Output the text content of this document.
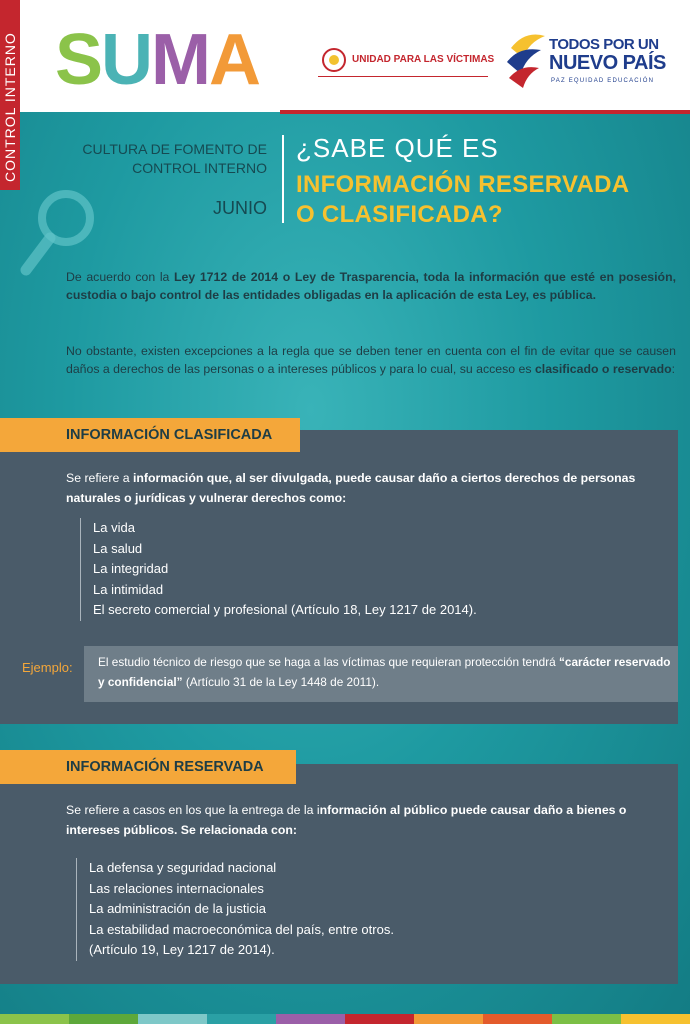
CONTROL INTERNO SUMA	UNIDAD PARA LAS VÍCTIMAS
TODOS POR UN
NUEVO PAÍS
PAZ EQUIDAD EDUCACIÓN
CULTURA DE FOMENTO DE
CONTROL INTERNO
JUNIO
¿SABE QUÉ ES
INFORMACIÓN RESERVADA
O CLASIFICADA?

De acuerdo con la Ley 1712 de 2014 o Ley de Trasparencia, toda la información que esté en posesión, custodia o bajo control de las entidades obligadas en la aplicación de esta Ley, es pública.

No obstante, existen excepciones a la regla que se deben tener en cuenta con el fin de evitar que se causen daños a derechos de las personas o a intereses públicos y para lo cual, su acceso es clasificado o reservado:

INFORMACIÓN CLASIFICADA

Se refiere a información que, al ser divulgada, puede causar daño a ciertos derechos de personas naturales o jurídicas y vulnerar derechos como:

La vida
La salud
La integridad
La intimidad
El secreto comercial y profesional (Artículo 18, Ley 1217 de 2014).
Ejemplo:	El estudio técnico de riesgo que se haga a las víctimas que requieran protección tendrá “carácter reservado y confidencial” (Artículo 31 de la Ley 1448 de 2011).
INFORMACIÓN RESERVADA

Se refiere a casos en los que la entrega de la información al público puede causar daño a bienes o intereses públicos. Se relacionada con:

La defensa y seguridad nacional
Las relaciones internacionales
La administración de la justicia
La estabilidad macroeconómica del país, entre otros.
(Artículo 19, Ley 1217 de 2014).
